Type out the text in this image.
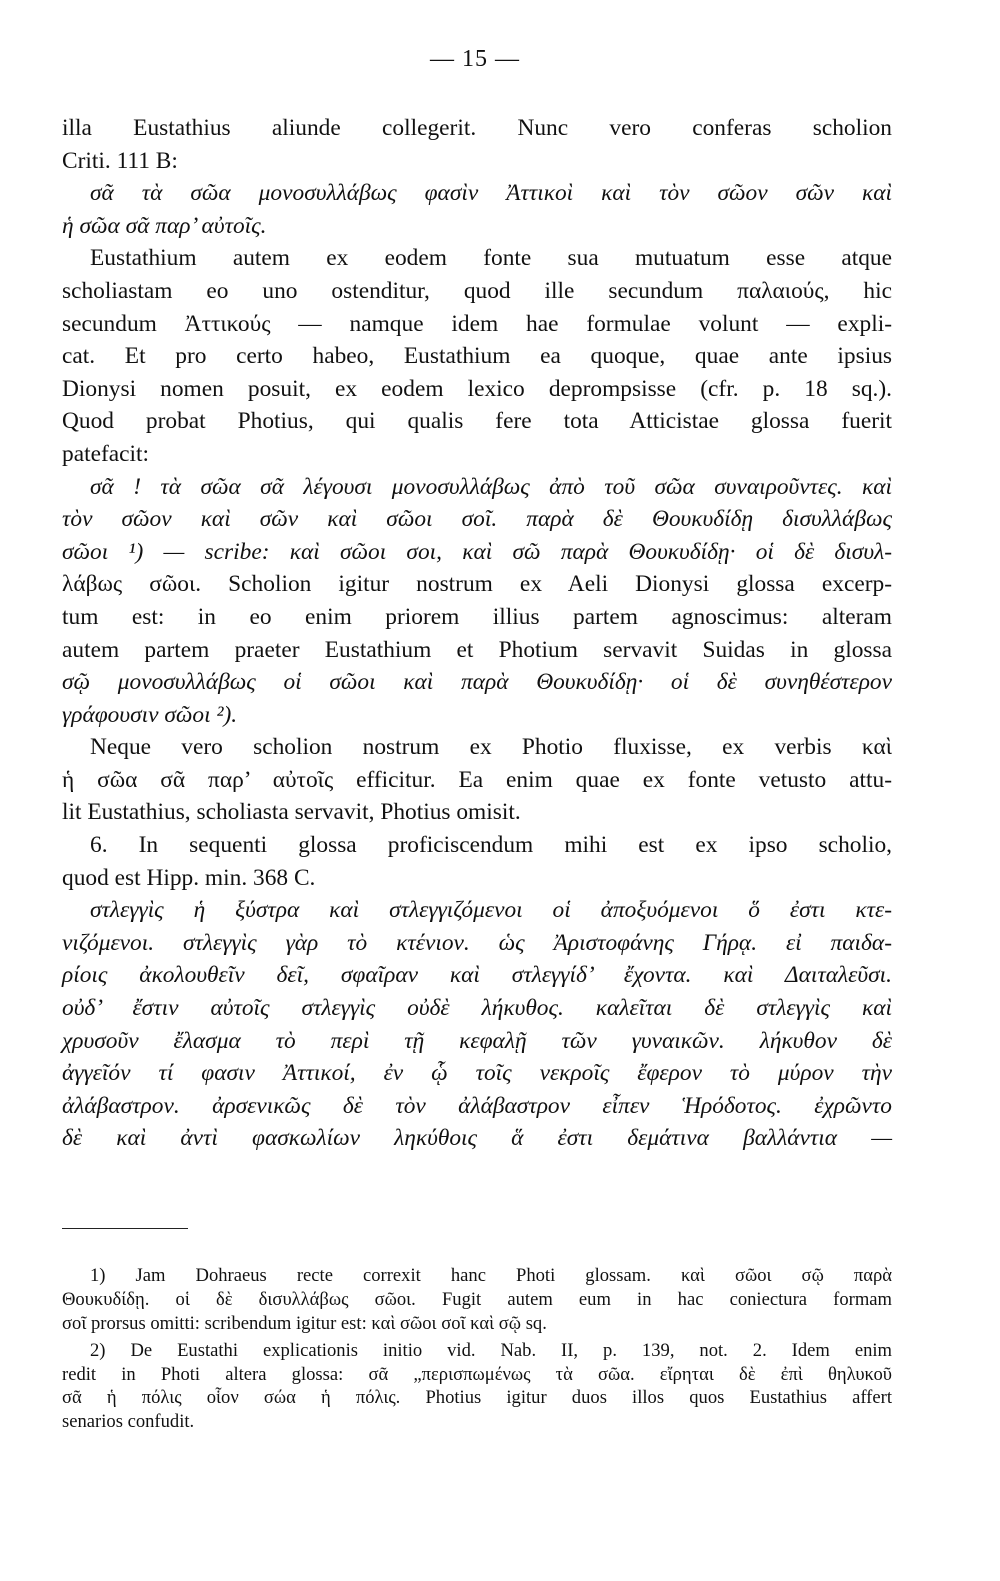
— 15 —
illa Eustathius aliunde collegerit. Nunc vero conferas scholion
Criti. 111 B:
σᾶ τὰ σῶα μονοσυλλάβως φασὶν Ἀττικοὶ καὶ τὸν σῶον σῶν καὶ
ἡ σῶα σᾶ παρ’ αὐτοῖς.
Eustathium autem ex eodem fonte sua mutuatum esse atque
scholiastam eo uno ostenditur, quod ille secundum παλαιούς, hic
secundum Ἀττικούς — namque idem hae formulae volunt — expli-
cat. Et pro certo habeo, Eustathium ea quoque, quae ante ipsius
Dionysi nomen posuit, ex eodem lexico deprompsisse (cfr. p. 18 sq.).
Quod probat Photius, qui qualis fere tota Atticistae glossa fuerit
patefacit:
σᾶ ! τὰ σῶα σᾶ λέγουσι μονοσυλλάβως ἀπὸ τοῦ σῶα συναιροῦντες. καὶ
τὸν σῶον καὶ σῶν καὶ σῶοι σοῖ. παρὰ δὲ Θουκυδίδῃ δισυλλάβως
σῶοι ¹) — scribe: καὶ σῶοι σοι, καὶ σῶ παρὰ Θουκυδίδῃ· οἱ δὲ δισυλ-
λάβως σῶοι. Scholion igitur nostrum ex Aeli Dionysi glossa excerp-
tum est: in eo enim priorem illius partem agnoscimus: alteram
autem partem praeter Eustathium et Photium servavit Suidas in glossa
σῷ μονοσυλλάβως οἱ σῶοι καὶ παρὰ Θουκυδίδῃ· οἱ δὲ συνηθέστερον
γράφουσιν σῶοι ²).
Neque vero scholion nostrum ex Photio fluxisse, ex verbis καὶ
ἡ σῶα σᾶ παρ’ αὐτοῖς efficitur. Ea enim quae ex fonte vetusto attu-
lit Eustathius, scholiasta servavit, Photius omisit.
6. In sequenti glossa proficiscendum mihi est ex ipso scholio,
quod est Hipp. min. 368 C.
στλεγγὶς ἡ ξύστρα καὶ στλεγγιζόμενοι οἱ ἀποξυόμενοι ὅ ἐστι κτε-
νιζόμενοι. στλεγγὶς γὰρ τὸ κτένιον. ὡς Ἀριστοφάνης Γήρᾳ. εἰ παιδα-
ρίοις ἀκολουθεῖν δεῖ, σφαῖραν καὶ στλεγγίδ’ ἔχοντα. καὶ Δαιταλεῦσι.
οὐδ’ ἔστιν αὐτοῖς στλεγγὶς οὐδὲ λήκυθος. καλεῖται δὲ στλεγγὶς καὶ
χρυσοῦν ἔλασμα τὸ περὶ τῇ κεφαλῇ τῶν γυναικῶν. λήκυθον δὲ
ἀγγεῖόν τί φασιν Ἀττικοί, ἐν ᾧ τοῖς νεκροῖς ἔφερον τὸ μύρον τὴν
ἀλάβαστρον. ἀρσενικῶς δὲ τὸν ἀλάβαστρον εἶπεν Ἡρόδοτος. ἐχρῶντο
δὲ καὶ ἀντὶ φασκωλίων ληκύθοις ἅ ἐστι δεμάτινα βαλλάντια —
1) Jam Dohraeus recte correxit hanc Photi glossam. καὶ σῶοι σῷ παρὰ
Θουκυδίδῃ. οἱ δὲ δισυλλάβως σῶοι. Fugit autem eum in hac coniectura formam
σοῖ prorsus omitti: scribendum igitur est: καὶ σῶοι σοῖ καὶ σῷ sq.
2) De Eustathi explicationis initio vid. Nab. II, p. 139, not. 2. Idem enim
redit in Photi altera glossa: σᾶ „περισπωμένως τὰ σῶα. εἴρηται δὲ ἐπὶ θηλυκοῦ
σᾶ ἡ πόλις οἷον σώα ἡ πόλις. Photius igitur duos illos quos Eustathius affert
senarios confudit.
